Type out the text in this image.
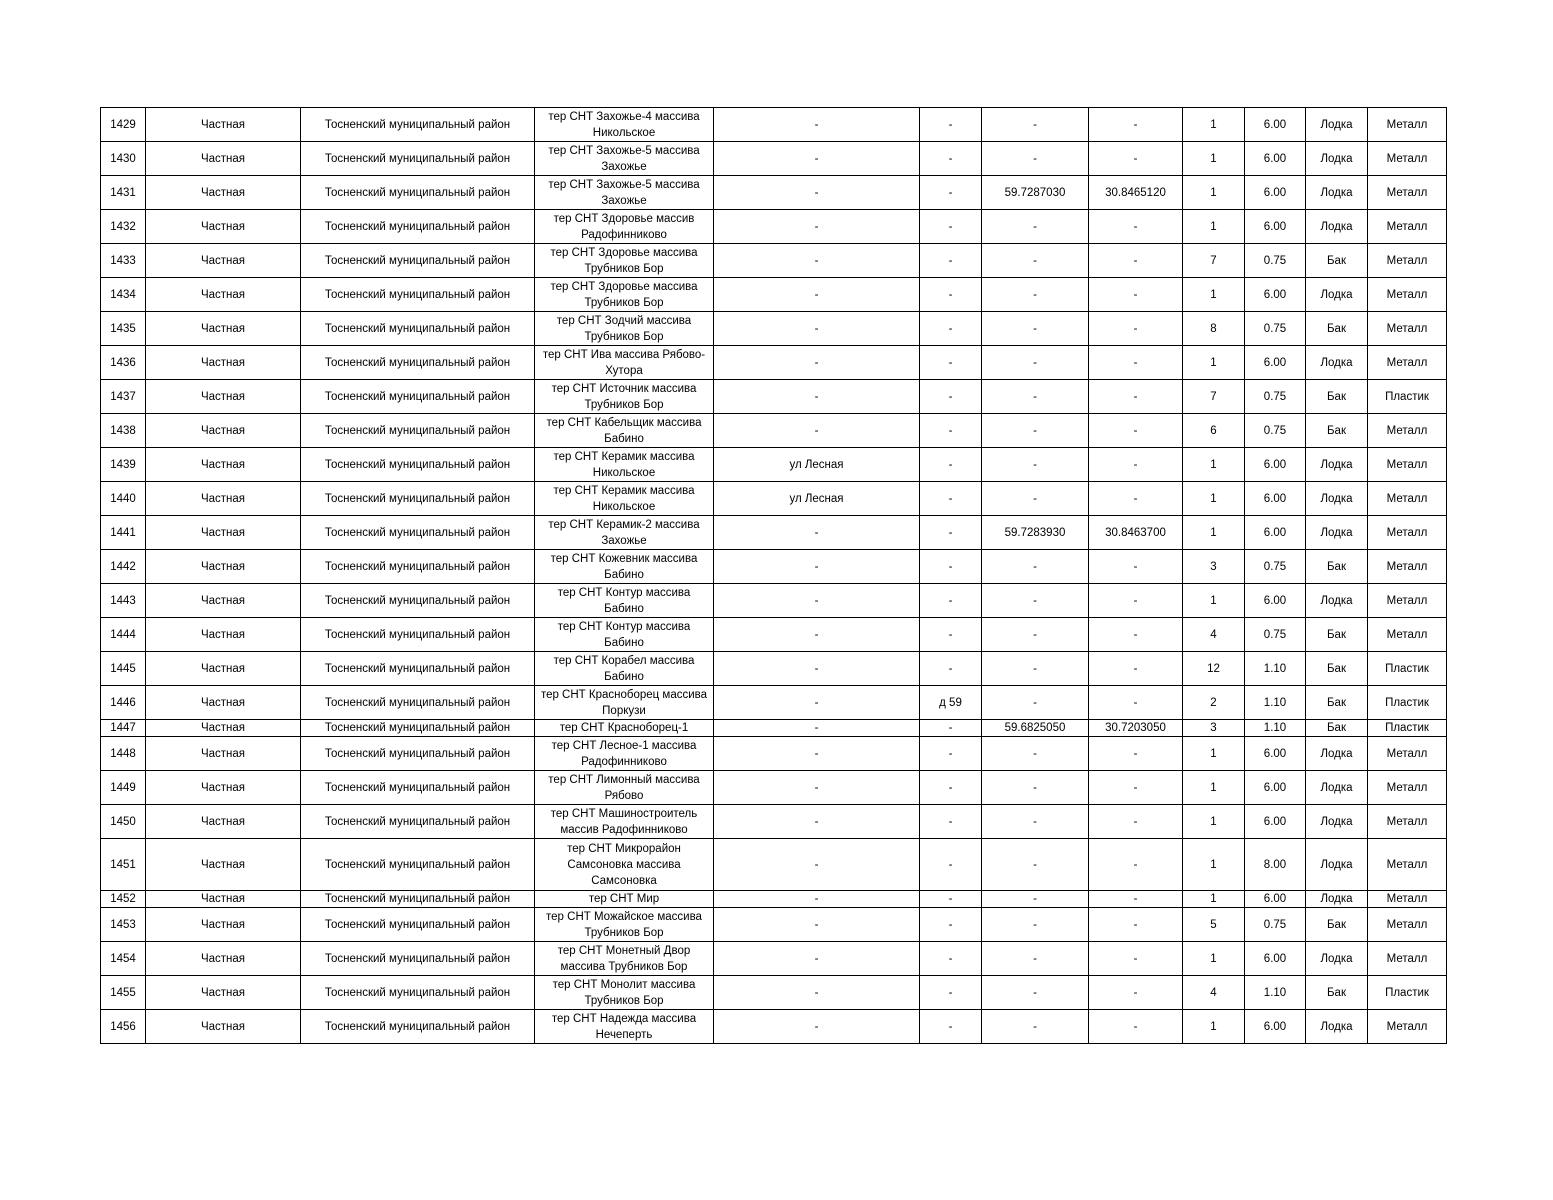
1429	Частная	Тосненский муниципальный район	тер СНТ Захожье-4 массива Никольское	-	-	-	-	1	6.00	Лодка	Металл
1430	Частная	Тосненский муниципальный район	тер СНТ Захожье-5 массива Захожье	-	-	-	-	1	6.00	Лодка	Металл
1431	Частная	Тосненский муниципальный район	тер СНТ Захожье-5 массива Захожье	-	-	59.7287030	30.8465120	1	6.00	Лодка	Металл
1432	Частная	Тосненский муниципальный район	тер СНТ Здоровье массив Радофинниково	-	-	-	-	1	6.00	Лодка	Металл
1433	Частная	Тосненский муниципальный район	тер СНТ Здоровье массива Трубников Бор	-	-	-	-	7	0.75	Бак	Металл
1434	Частная	Тосненский муниципальный район	тер СНТ Здоровье массива Трубников Бор	-	-	-	-	1	6.00	Лодка	Металл
1435	Частная	Тосненский муниципальный район	тер СНТ Зодчий массива Трубников Бор	-	-	-	-	8	0.75	Бак	Металл
1436	Частная	Тосненский муниципальный район	тер СНТ Ива массива Рябово-Хутора	-	-	-	-	1	6.00	Лодка	Металл
1437	Частная	Тосненский муниципальный район	тер СНТ Источник массива Трубников Бор	-	-	-	-	7	0.75	Бак	Пластик
1438	Частная	Тосненский муниципальный район	тер СНТ Кабельщик массива Бабино	-	-	-	-	6	0.75	Бак	Металл
1439	Частная	Тосненский муниципальный район	тер СНТ Керамик массива Никольское	ул Лесная	-	-	-	1	6.00	Лодка	Металл
1440	Частная	Тосненский муниципальный район	тер СНТ Керамик массива Никольское	ул Лесная	-	-	-	1	6.00	Лодка	Металл
1441	Частная	Тосненский муниципальный район	тер СНТ Керамик-2 массива Захожье	-	-	59.7283930	30.8463700	1	6.00	Лодка	Металл
1442	Частная	Тосненский муниципальный район	тер СНТ Кожевник массива Бабино	-	-	-	-	3	0.75	Бак	Металл
1443	Частная	Тосненский муниципальный район	тер СНТ Контур массива Бабино	-	-	-	-	1	6.00	Лодка	Металл
1444	Частная	Тосненский муниципальный район	тер СНТ Контур массива Бабино	-	-	-	-	4	0.75	Бак	Металл
1445	Частная	Тосненский муниципальный район	тер СНТ Корабел массива Бабино	-	-	-	-	12	1.10	Бак	Пластик
1446	Частная	Тосненский муниципальный район	тер СНТ Красноборец массива Поркузи	-	д 59	-	-	2	1.10	Бак	Пластик
1447	Частная	Тосненский муниципальный район	тер СНТ Красноборец-1	-	-	59.6825050	30.7203050	3	1.10	Бак	Пластик
1448	Частная	Тосненский муниципальный район	тер СНТ Лесное-1 массива Радофинниково	-	-	-	-	1	6.00	Лодка	Металл
1449	Частная	Тосненский муниципальный район	тер СНТ Лимонный массива Рябово	-	-	-	-	1	6.00	Лодка	Металл
1450	Частная	Тосненский муниципальный район	тер СНТ Машиностроитель массив Радофинниково	-	-	-	-	1	6.00	Лодка	Металл
1451	Частная	Тосненский муниципальный район	тер СНТ Микрорайон Самсоновка массива Самсоновка	-	-	-	-	1	8.00	Лодка	Металл
1452	Частная	Тосненский муниципальный район	тер СНТ Мир	-	-	-	-	1	6.00	Лодка	Металл
1453	Частная	Тосненский муниципальный район	тер СНТ Можайское массива Трубников Бор	-	-	-	-	5	0.75	Бак	Металл
1454	Частная	Тосненский муниципальный район	тер СНТ Монетный Двор массива Трубников Бор	-	-	-	-	1	6.00	Лодка	Металл
1455	Частная	Тосненский муниципальный район	тер СНТ Монолит массива Трубников Бор	-	-	-	-	4	1.10	Бак	Пластик
1456	Частная	Тосненский муниципальный район	тер СНТ Надежда массива Нечеперть	-	-	-	-	1	6.00	Лодка	Металл
